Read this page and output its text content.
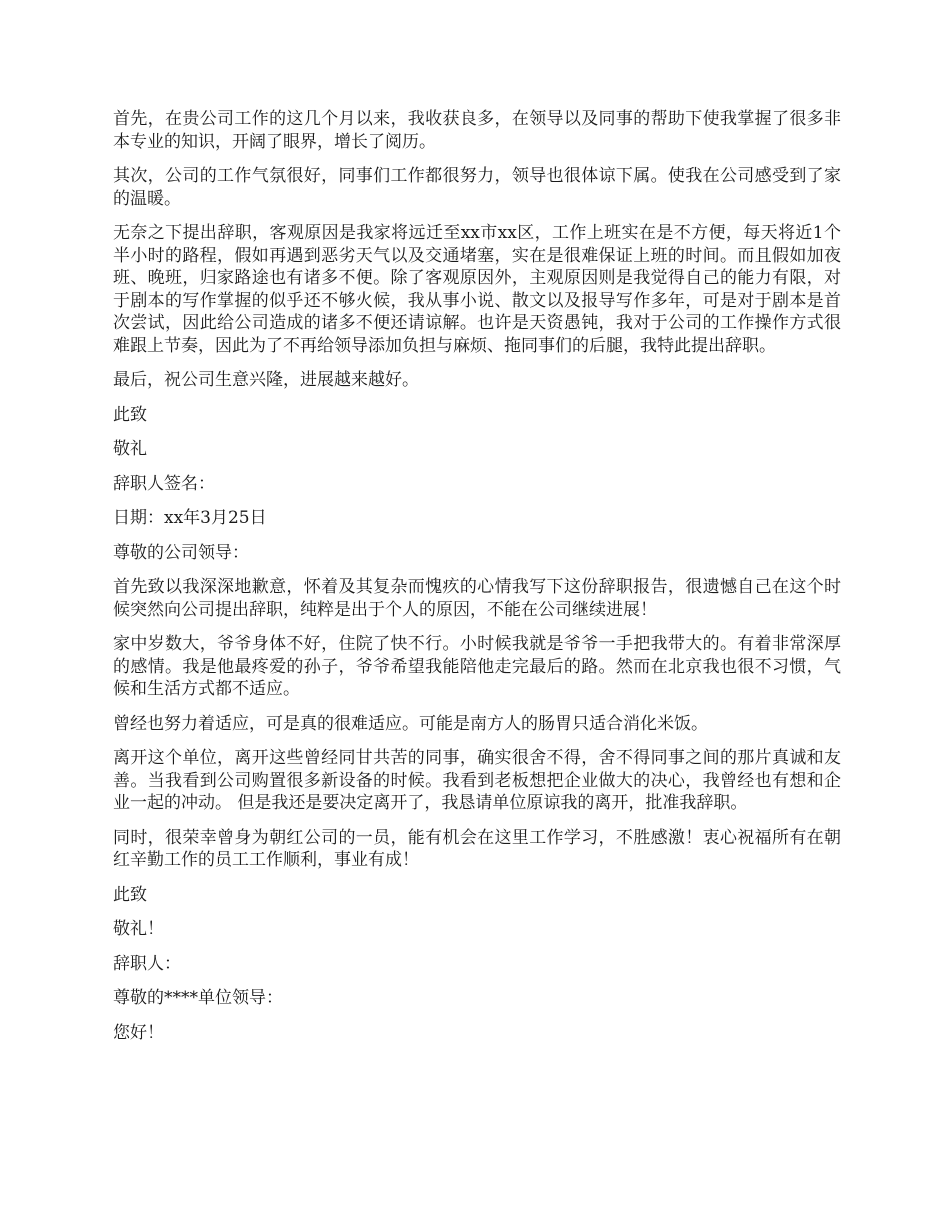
首先，在贵公司工作的这几个月以来，我收获良多，在领导以及同事的帮助下使我掌握了很多非本专业的知识，开阔了眼界，增长了阅历。

其次，公司的工作气氛很好，同事们工作都很努力，领导也很体谅下属。使我在公司感受到了家的温暖。

无奈之下提出辞职，客观原因是我家将远迁至xx市xx区，工作上班实在是不方便，每天将近1个半小时的路程，假如再遇到恶劣天气以及交通堵塞，实在是很难保证上班的时间。而且假如加夜班、晚班，归家路途也有诸多不便。除了客观原因外，主观原因则是我觉得自己的能力有限，对于剧本的写作掌握的似乎还不够火候，我从事小说、散文以及报导写作多年，可是对于剧本是首次尝试，因此给公司造成的诸多不便还请谅解。也许是天资愚钝，我对于公司的工作操作方式很难跟上节奏，因此为了不再给领导添加负担与麻烦、拖同事们的后腿，我特此提出辞职。

最后，祝公司生意兴隆，进展越来越好。

此致

敬礼

辞职人签名：

日期：xx年3月25日

尊敬的公司领导：

首先致以我深深地歉意，怀着及其复杂而愧疚的心情我写下这份辞职报告，很遗憾自己在这个时候突然向公司提出辞职，纯粹是出于个人的原因，不能在公司继续进展！

家中岁数大，爷爷身体不好，住院了快不行。小时候我就是爷爷一手把我带大的。有着非常深厚的感情。我是他最疼爱的孙子，爷爷希望我能陪他走完最后的路。然而在北京我也很不习惯，气候和生活方式都不适应。

曾经也努力着适应，可是真的很难适应。可能是南方人的肠胃只适合消化米饭。

离开这个单位，离开这些曾经同甘共苦的同事，确实很舍不得，舍不得同事之间的那片真诚和友善。当我看到公司购置很多新设备的时候。我看到老板想把企业做大的决心，我曾经也有想和企业一起的冲动。 但是我还是要决定离开了，我恳请单位原谅我的离开，批准我辞职。

同时，很荣幸曾身为朝红公司的一员，能有机会在这里工作学习，不胜感激！衷心祝福所有在朝红辛勤工作的员工工作顺利，事业有成！

此致

敬礼！

辞职人：

尊敬的****单位领导：

您好！
